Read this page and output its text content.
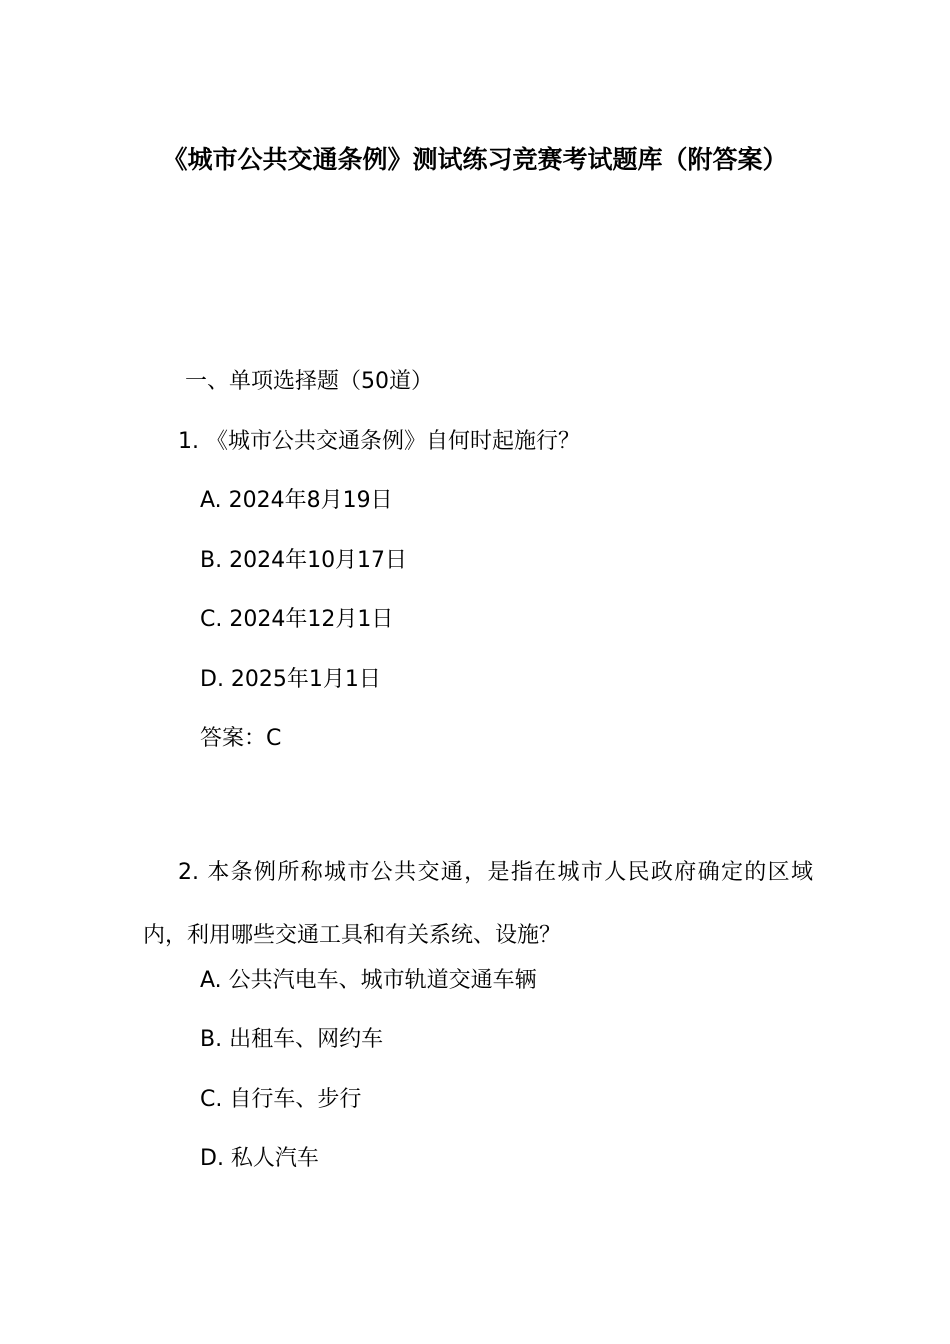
《城市公共交通条例》测试练习竞赛考试题库（附答案）
一、单项选择题（50道）
1. 《城市公共交通条例》自何时起施行？
A. 2024年8月19日
B. 2024年10月17日
C. 2024年12月1日
D. 2025年1月1日
答案：C
2. 本条例所称城市公共交通，是指在城市人民政府确定的区域内，利用哪些交通工具和有关系统、设施？
A. 公共汽电车、城市轨道交通车辆
B. 出租车、网约车
C. 自行车、步行
D. 私人汽车
